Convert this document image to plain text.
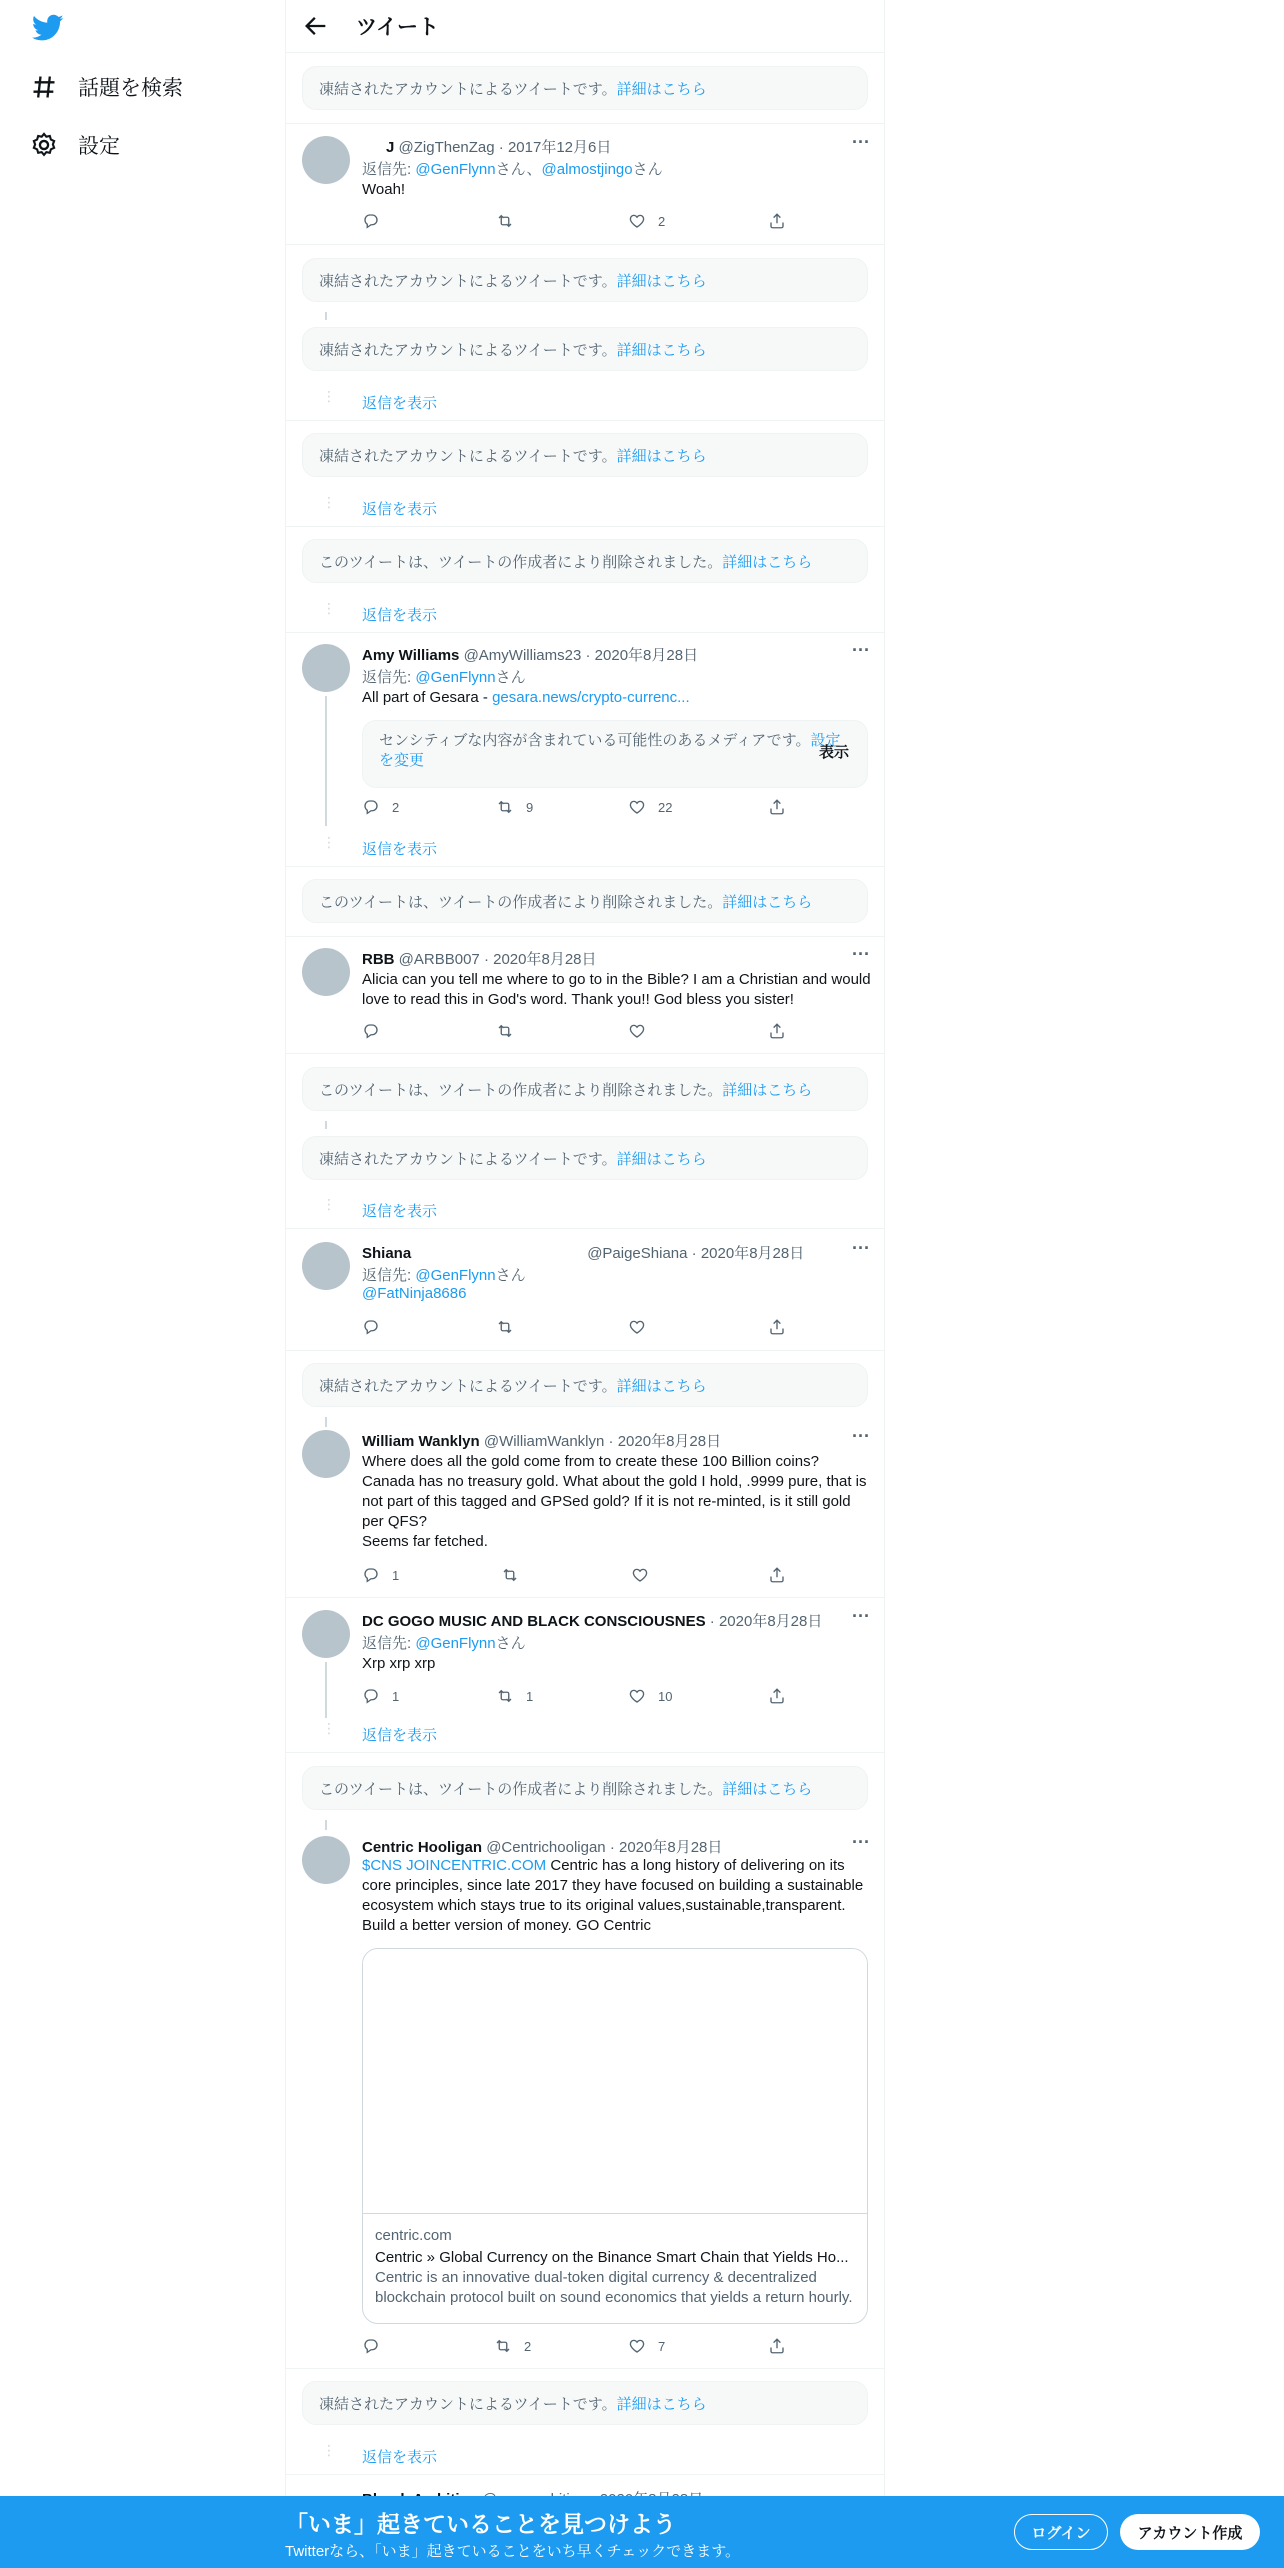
話題を検索
設定
ツイート
凍結されたアカウントによるツイートです。 詳細はこちら
J @ZigThenZag · 2017年12月6日	···
返信先: @GenFlynnさん、@almostjingoさん
Woah!
2
凍結されたアカウントによるツイートです。 詳細はこちら
凍結されたアカウントによるツイートです。 詳細はこちら
⋮ 返信を表示
凍結されたアカウントによるツイートです。 詳細はこちら
⋮ 返信を表示
このツイートは、ツイートの作成者により削除されました。 詳細はこちら
⋮ 返信を表示
Amy Williams @AmyWilliams23 · 2020年8月28日	···
返信先: @GenFlynnさん
All part of Gesara - gesara.news/crypto-currenc...
センシティブな内容が含まれている可能性のあるメディアです。設定を変更	表示
2	9	22
⋮ 返信を表示
このツイートは、ツイートの作成者により削除されました。 詳細はこちら
RBB @ARBB007 · 2020年8月28日	···
Alicia can you tell me where to go to in the Bible? I am a Christian and would love to read this in God's word. Thank you!! God bless you sister!
このツイートは、ツイートの作成者により削除されました。 詳細はこちら
凍結されたアカウントによるツイートです。 詳細はこちら
⋮ 返信を表示
Shiana	@PaigeShiana · 2020年8月28日	···
返信先: @GenFlynnさん
@FatNinja8686
凍結されたアカウントによるツイートです。 詳細はこちら
William Wanklyn @WilliamWanklyn · 2020年8月28日	···
Where does all the gold come from to create these 100 Billion coins? Canada has no treasury gold. What about the gold I hold, .9999 pure, that is not part of this tagged and GPSed gold? If it is not re-minted, is it still gold per QFS?
Seems far fetched.
1
DC GOGO MUSIC AND BLACK CONSCIOUSNES · 2020年8月28日 ···
返信先: @GenFlynnさん
Xrp xrp xrp
1	1	10
⋮ 返信を表示
このツイートは、ツイートの作成者により削除されました。 詳細はこちら
Centric Hooligan @Centrichooligan · 2020年8月28日	···
$CNS JOINCENTRIC.COM Centric has a long history of delivering on its core principles, since late 2017 they have focused on building a sustainable ecosystem which stays true to its original values,sustainable,transparent. Build a better version of money. GO Centric
centric.com
Centric » Global Currency on the Binance Smart Chain that Yields Ho...
Centric is an innovative dual-token digital currency & decentralized blockchain protocol built on sound economics that yields a return hourly.
2	7
凍結されたアカウントによるツイートです。 詳細はこちら
⋮ 返信を表示
「いま」起きていることを見つけよう
Twitterなら、「いま」起きていることをいち早くチェックできます。
ログイン	アカウント作成
